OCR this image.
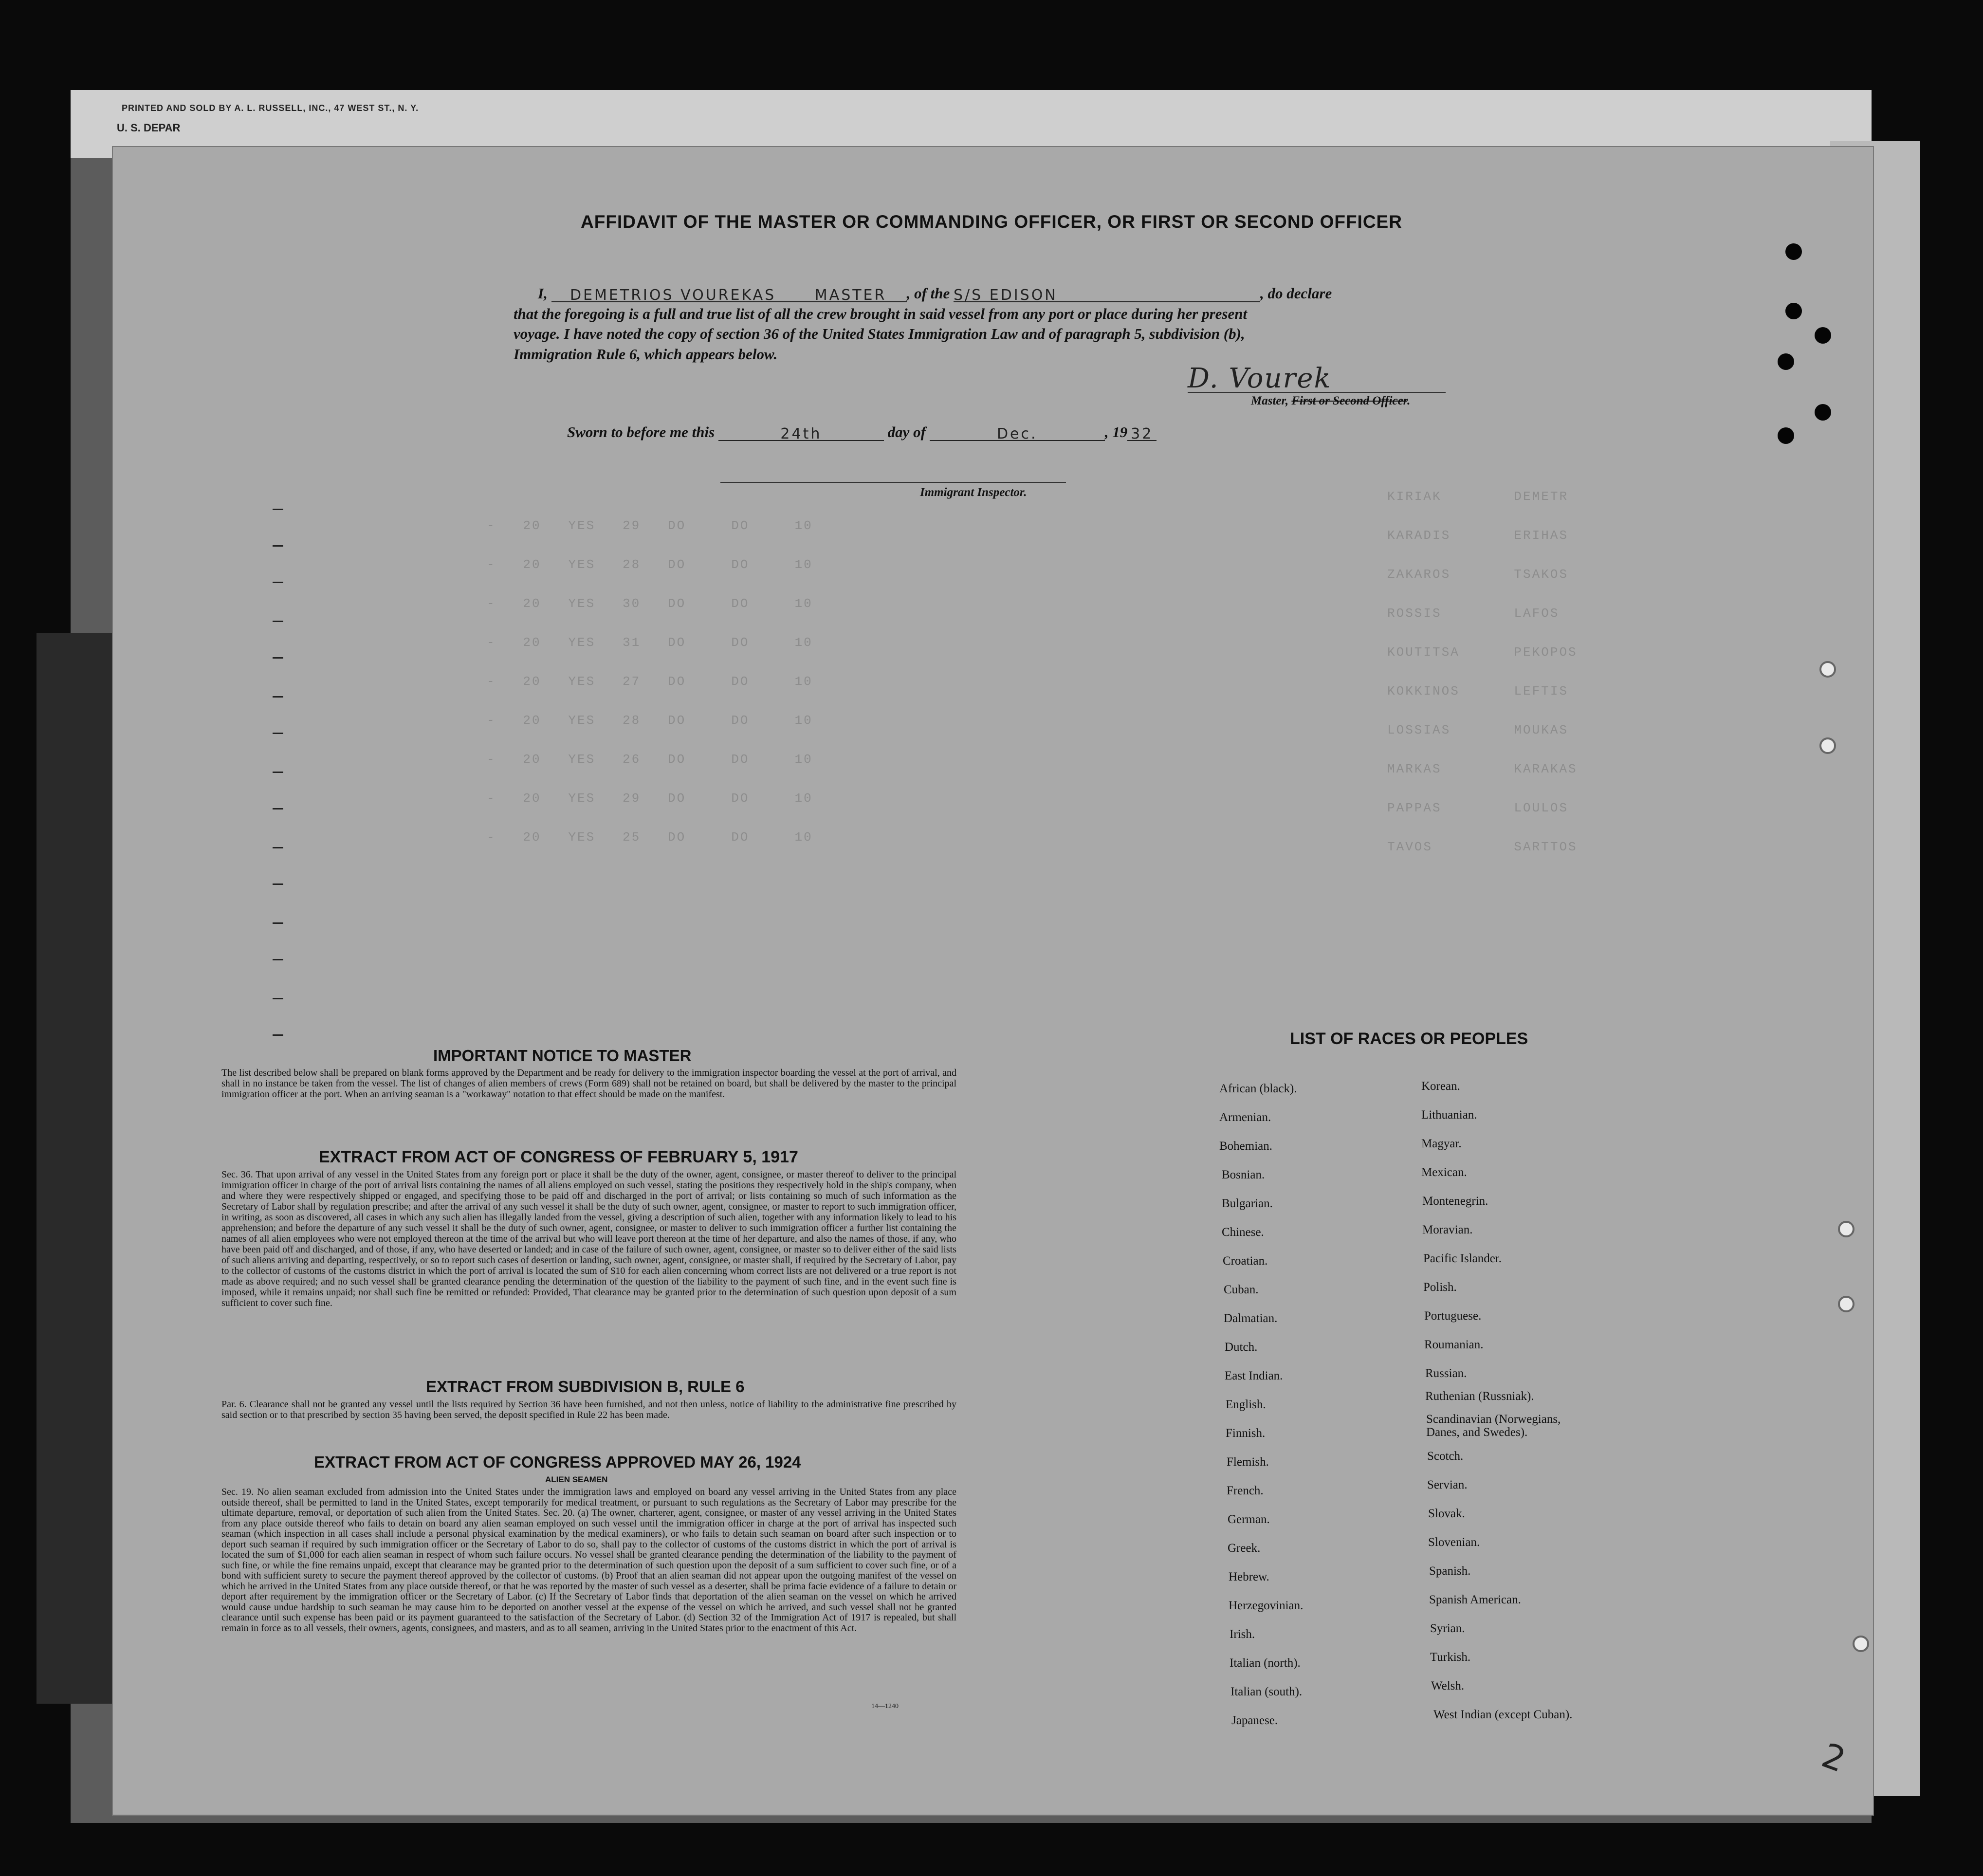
PRINTED AND SOLD BY A. L. RUSSELL, INC., 47 WEST ST., N. Y.
U. S. DEPAR
KIRIAK        DEMETR
KARADIS       ERIHAS
ZAKAROS       TSAKOS
ROSSIS        LAFOS
KOUTITSA      PEKOPOS
KOKKINOS      LEFTIS
LOSSIAS       MOUKAS
MARKAS        KARAKAS
PAPPAS        LOULOS
TAVOS         SARTTOS
-   20   YES   29   DO     DO     10
-   20   YES   28   DO     DO     10
-   20   YES   30   DO     DO     10
-   20   YES   31   DO     DO     10
-   20   YES   27   DO     DO     10
-   20   YES   28   DO     DO     10
-   20   YES   26   DO     DO     10
-   20   YES   29   DO     DO     10
-   20   YES   25   DO     DO     10
AFFIDAVIT OF THE MASTER OR COMMANDING OFFICER, OR FIRST OR SECOND OFFICER
I, DEMETRIOS VOUREKAS	MASTER , of the S/S EDISON	, do declare
that the foregoing is a full and true list of all the crew brought in said vessel from any port or place during her present
voyage. I have noted the copy of section 36 of the United States Immigration Law and of paragraph 5, subdivision (b),
Immigration Rule 6, which appears below.
D. Vourek
Master, First or Second Officer.
Sworn to before me this	24th	day of	Dec.	, 19 32
Immigrant Inspector.
IMPORTANT NOTICE TO MASTER
The list described below shall be prepared on blank forms approved by the Department and be ready for delivery to the immigration inspector boarding the vessel at the port of arrival, and shall in no instance be taken from the vessel. The list of changes of alien members of crews (Form 689) shall not be retained on board, but shall be delivered by the master to the principal immigration officer at the port. When an arriving seaman is a "workaway" notation to that effect should be made on the manifest.
EXTRACT FROM ACT OF CONGRESS OF FEBRUARY 5, 1917
Sec. 36. That upon arrival of any vessel in the United States from any foreign port or place it shall be the duty of the owner, agent, consignee, or master thereof to deliver to the principal immigration officer in charge of the port of arrival lists containing the names of all aliens employed on such vessel, stating the positions they respectively hold in the ship's company, when and where they were respectively shipped or engaged, and specifying those to be paid off and discharged in the port of arrival; or lists containing so much of such information as the Secretary of Labor shall by regulation prescribe; and after the arrival of any such vessel it shall be the duty of such owner, agent, consignee, or master to report to such immigration officer, in writing, as soon as discovered, all cases in which any such alien has illegally landed from the vessel, giving a description of such alien, together with any information likely to lead to his apprehension; and before the departure of any such vessel it shall be the duty of such owner, agent, consignee, or master to deliver to such immigration officer a further list containing the names of all alien employees who were not employed thereon at the time of the arrival but who will leave port thereon at the time of her departure, and also the names of those, if any, who have been paid off and discharged, and of those, if any, who have deserted or landed; and in case of the failure of such owner, agent, consignee, or master so to deliver either of the said lists of such aliens arriving and departing, respectively, or so to report such cases of desertion or landing, such owner, agent, consignee, or master shall, if required by the Secretary of Labor, pay to the collector of customs of the customs district in which the port of arrival is located the sum of $10 for each alien concerning whom correct lists are not delivered or a true report is not made as above required; and no such vessel shall be granted clearance pending the determination of the question of the liability to the payment of such fine, and in the event such fine is imposed, while it remains unpaid; nor shall such fine be remitted or refunded: Provided, That clearance may be granted prior to the determination of such question upon deposit of a sum sufficient to cover such fine.
EXTRACT FROM SUBDIVISION B, RULE 6
Par. 6. Clearance shall not be granted any vessel until the lists required by Section 36 have been furnished, and not then unless, notice of liability to the administrative fine prescribed by said section or to that prescribed by section 35 having been served, the deposit specified in Rule 22 has been made.
EXTRACT FROM ACT OF CONGRESS APPROVED MAY 26, 1924
ALIEN SEAMEN
Sec. 19. No alien seaman excluded from admission into the United States under the immigration laws and employed on board any vessel arriving in the United States from any place outside thereof, shall be permitted to land in the United States, except temporarily for medical treatment, or pursuant to such regulations as the Secretary of Labor may prescribe for the ultimate departure, removal, or deportation of such alien from the United States. Sec. 20. (a) The owner, charterer, agent, consignee, or master of any vessel arriving in the United States from any place outside thereof who fails to detain on board any alien seaman employed on such vessel until the immigration officer in charge at the port of arrival has inspected such seaman (which inspection in all cases shall include a personal physical examination by the medical examiners), or who fails to detain such seaman on board after such inspection or to deport such seaman if required by such immigration officer or the Secretary of Labor to do so, shall pay to the collector of customs of the customs district in which the port of arrival is located the sum of $1,000 for each alien seaman in respect of whom such failure occurs. No vessel shall be granted clearance pending the determination of the liability to the payment of such fine, or while the fine remains unpaid, except that clearance may be granted prior to the determination of such question upon the deposit of a sum sufficient to cover such fine, or of a bond with sufficient surety to secure the payment thereof approved by the collector of customs. (b) Proof that an alien seaman did not appear upon the outgoing manifest of the vessel on which he arrived in the United States from any place outside thereof, or that he was reported by the master of such vessel as a deserter, shall be prima facie evidence of a failure to detain or deport after requirement by the immigration officer or the Secretary of Labor. (c) If the Secretary of Labor finds that deportation of the alien seaman on the vessel on which he arrived would cause undue hardship to such seaman he may cause him to be deported on another vessel at the expense of the vessel on which he arrived, and such vessel shall not be granted clearance until such expense has been paid or its payment guaranteed to the satisfaction of the Secretary of Labor. (d) Section 32 of the Immigration Act of 1917 is repealed, but shall remain in force as to all vessels, their owners, agents, consignees, and masters, and as to all seamen, arriving in the United States prior to the enactment of this Act.
14—1240
LIST OF RACES OR PEOPLES
African (black).
Armenian.
Bohemian.
Bosnian.
Bulgarian.
Chinese.
Croatian.
Cuban.
Dalmatian.
Dutch.
East Indian.
English.
Finnish.
Flemish.
French.
German.
Greek.
Hebrew.
Herzegovinian.
Irish.
Italian (north).
Italian (south).
Japanese.
Korean.
Lithuanian.
Magyar.
Mexican.
Montenegrin.
Moravian.
Pacific Islander.
Polish.
Portuguese.
Roumanian.
Russian.
Ruthenian (Russniak).
Scandinavian (Norwegians, Danes, and Swedes).
Scotch.
Servian.
Slovak.
Slovenian.
Spanish.
Spanish American.
Syrian.
Turkish.
Welsh.
West Indian (except Cuban).
2
